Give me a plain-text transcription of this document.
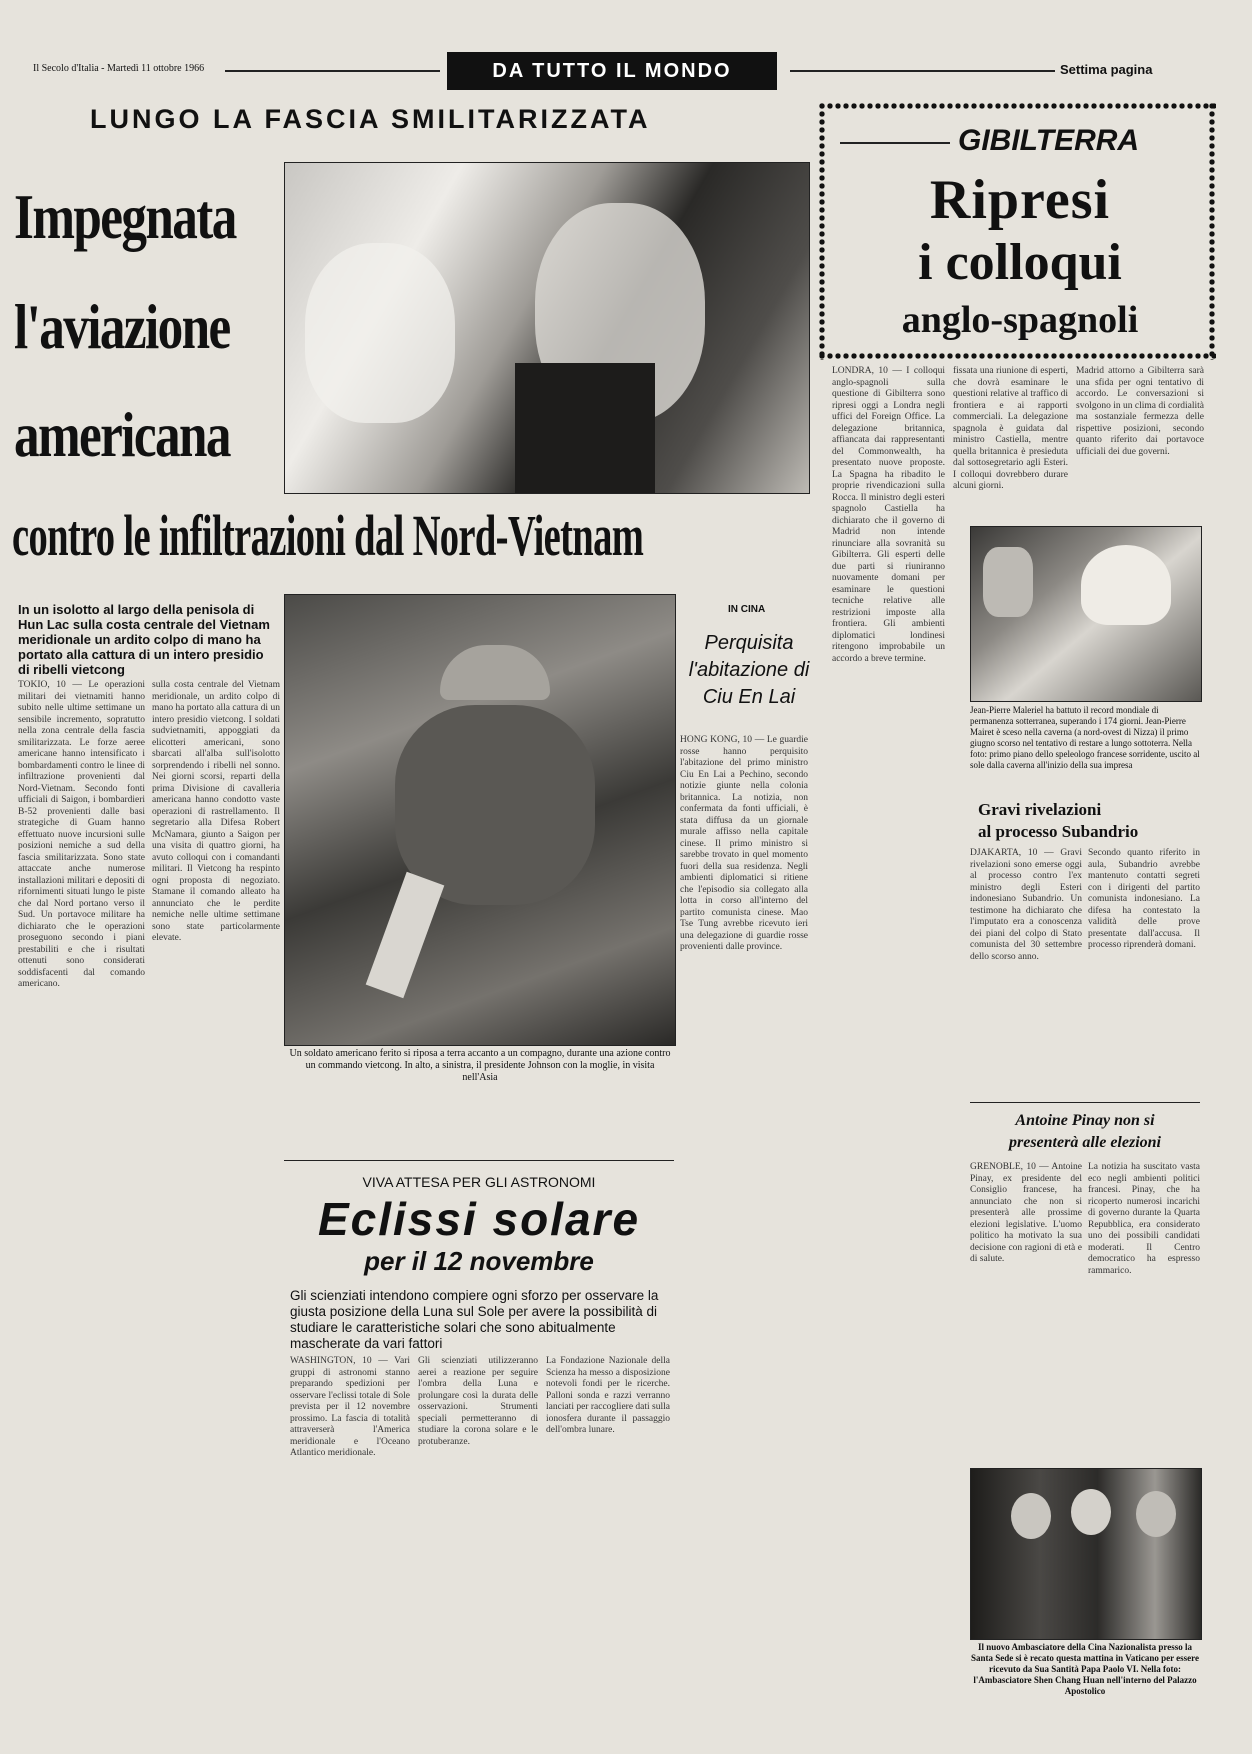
Il Secolo d'Italia - Martedì 11 ottobre 1966	DA TUTTO IL MONDO	Settima pagina
LUNGO LA FASCIA SMILITARIZZATA
Impegnata
l'aviazione
americana
contro le infiltrazioni dal Nord-Vietnam
In un isolotto al largo della penisola di Hun Lac sulla costa centrale del Vietnam meridionale un ardito colpo di mano ha portato alla cattura di un intero presidio di ribelli vietcong
TOKIO, 10 — Le operazioni militari dei vietnamiti hanno subito nelle ultime settimane un sensibile incremento, sopratutto nella zona centrale della fascia smilitarizzata. Le forze aeree americane hanno intensificato i bombardamenti contro le linee di infiltrazione provenienti dal Nord-Vietnam. Secondo fonti ufficiali di Saigon, i bombardieri B-52 provenienti dalle basi strategiche di Guam hanno effettuato nuove incursioni sulle posizioni nemiche a sud della fascia smilitarizzata. Sono state attaccate anche numerose installazioni militari e depositi di rifornimenti situati lungo le piste che dal Nord portano verso il Sud. Un portavoce militare ha dichiarato che le operazioni proseguono secondo i piani prestabiliti e che i risultati ottenuti sono considerati soddisfacenti dal comando americano.
sulla costa centrale del Vietnam meridionale, un ardito colpo di mano ha portato alla cattura di un intero presidio vietcong. I soldati sudvietnamiti, appoggiati da elicotteri americani, sono sbarcati all'alba sull'isolotto sorprendendo i ribelli nel sonno. Nei giorni scorsi, reparti della prima Divisione di cavalleria americana hanno condotto vaste operazioni di rastrellamento. Il segretario alla Difesa Robert McNamara, giunto a Saigon per una visita di quattro giorni, ha avuto colloqui con i comandanti militari. Il Vietcong ha respinto ogni proposta di negoziato. Stamane il comando alleato ha annunciato che le perdite nemiche nelle ultime settimane sono state particolarmente elevate.
Un soldato americano ferito si riposa a terra accanto a un compagno, durante una azione contro un commando vietcong. In alto, a sinistra, il presidente Johnson con la moglie, in visita nell'Asia
IN CINA
Perquisita l'abitazione di Ciu En Lai
HONG KONG, 10 — Le guardie rosse hanno perquisito l'abitazione del primo ministro Ciu En Lai a Pechino, secondo notizie giunte nella colonia britannica. La notizia, non confermata da fonti ufficiali, è stata diffusa da un giornale murale affisso nella capitale cinese. Il primo ministro si sarebbe trovato in quel momento fuori della sua residenza. Negli ambienti diplomatici si ritiene che l'episodio sia collegato alla lotta in corso all'interno del partito comunista cinese. Mao Tse Tung avrebbe ricevuto ieri una delegazione di guardie rosse provenienti dalle province.
VIVA ATTESA PER GLI ASTRONOMI
Eclissi solare
per il 12 novembre
Gli scienziati intendono compiere ogni sforzo per osservare la giusta posizione della Luna sul Sole per avere la possibilità di studiare le caratteristiche solari che sono abitualmente mascherate da vari fattori
WASHINGTON, 10 — Vari gruppi di astronomi stanno preparando spedizioni per osservare l'eclissi totale di Sole prevista per il 12 novembre prossimo. La fascia di totalità attraverserà l'America meridionale e l'Oceano Atlantico meridionale.
Gli scienziati utilizzeranno aerei a reazione per seguire l'ombra della Luna e prolungare così la durata delle osservazioni. Strumenti speciali permetteranno di studiare la corona solare e le protuberanze.
La Fondazione Nazionale della Scienza ha messo a disposizione notevoli fondi per le ricerche. Palloni sonda e razzi verranno lanciati per raccogliere dati sulla ionosfera durante il passaggio dell'ombra lunare.
GIBILTERRA
Ripresi
i colloqui
anglo-spagnoli
LONDRA, 10 — I colloqui anglo-spagnoli sulla questione di Gibilterra sono ripresi oggi a Londra negli uffici del Foreign Office. La delegazione britannica, affiancata dai rappresentanti del Commonwealth, ha presentato nuove proposte. La Spagna ha ribadito le proprie rivendicazioni sulla Rocca. Il ministro degli esteri spagnolo Castiella ha dichiarato che il governo di Madrid non intende rinunciare alla sovranità su Gibilterra. Gli esperti delle due parti si riuniranno nuovamente domani per esaminare le questioni tecniche relative alle restrizioni imposte alla frontiera. Gli ambienti diplomatici londinesi ritengono improbabile un accordo a breve termine.
fissata una riunione di esperti, che dovrà esaminare le questioni relative al traffico di frontiera e ai rapporti commerciali. La delegazione spagnola è guidata dal ministro Castiella, mentre quella britannica è presieduta dal sottosegretario agli Esteri. I colloqui dovrebbero durare alcuni giorni.
Madrid attorno a Gibilterra sarà una sfida per ogni tentativo di accordo. Le conversazioni si svolgono in un clima di cordialità ma sostanziale fermezza delle rispettive posizioni, secondo quanto riferito dai portavoce ufficiali dei due governi.
Jean-Pierre Maleriel ha battuto il record mondiale di permanenza sotterranea, superando i 174 giorni. Jean-Pierre Mairet è sceso nella caverna (a nord-ovest di Nizza) il primo giugno scorso nel tentativo di restare a lungo sottoterra. Nella foto: primo piano dello speleologo francese sorridente, uscito al sole dalla caverna all'inizio della sua impresa
Gravi rivelazioni
al processo Subandrio
DJAKARTA, 10 — Gravi rivelazioni sono emerse oggi al processo contro l'ex ministro degli Esteri indonesiano Subandrio. Un testimone ha dichiarato che l'imputato era a conoscenza dei piani del colpo di Stato comunista del 30 settembre dello scorso anno.
Secondo quanto riferito in aula, Subandrio avrebbe mantenuto contatti segreti con i dirigenti del partito comunista indonesiano. La difesa ha contestato la validità delle prove presentate dall'accusa. Il processo riprenderà domani.
Antoine Pinay non si
presenterà alle elezioni
GRENOBLE, 10 — Antoine Pinay, ex presidente del Consiglio francese, ha annunciato che non si presenterà alle prossime elezioni legislative. L'uomo politico ha motivato la sua decisione con ragioni di età e di salute.
La notizia ha suscitato vasta eco negli ambienti politici francesi. Pinay, che ha ricoperto numerosi incarichi di governo durante la Quarta Repubblica, era considerato uno dei possibili candidati moderati. Il Centro democratico ha espresso rammarico.
Il nuovo Ambasciatore della Cina Nazionalista presso la Santa Sede si è recato questa mattina in Vaticano per essere ricevuto da Sua Santità Papa Paolo VI. Nella foto: l'Ambasciatore Shen Chang Huan nell'interno del Palazzo Apostolico
